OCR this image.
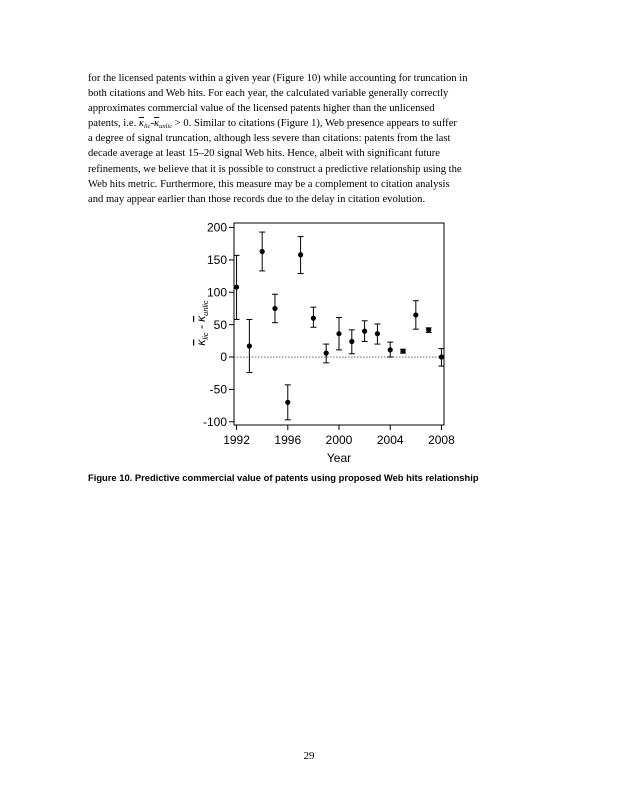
for the licensed patents within a given year (Figure 10) while accounting for truncation in
both citations and Web hits. For each year, the calculated variable generally correctly
approximates commercial value of the licensed patents higher than the unlicensed
patents, i.e. $\overline{\kappa}_{lic}-\overline{\kappa}_{unlic} > 0$. Similar to citations (Figure 1), Web presence appears to suffer
a degree of signal truncation, although less severe than citations: patents from the last
decade average at least 15–20 signal Web hits. Hence, albeit with significant future
refinements, we believe that it is possible to construct a predictive relationship using the
Web hits metric. Furthermore, this measure may be a complement to citation analysis
and may appear earlier than those records due to the delay in citation evolution.
200
150
100
50
0
-50
-100
1992 1996 2000 2004 2008
Year
$\kappa_{lic} - \kappa_{unlic}$
Figure 10. Predictive commercial value of patents using proposed Web hits relationship
29
